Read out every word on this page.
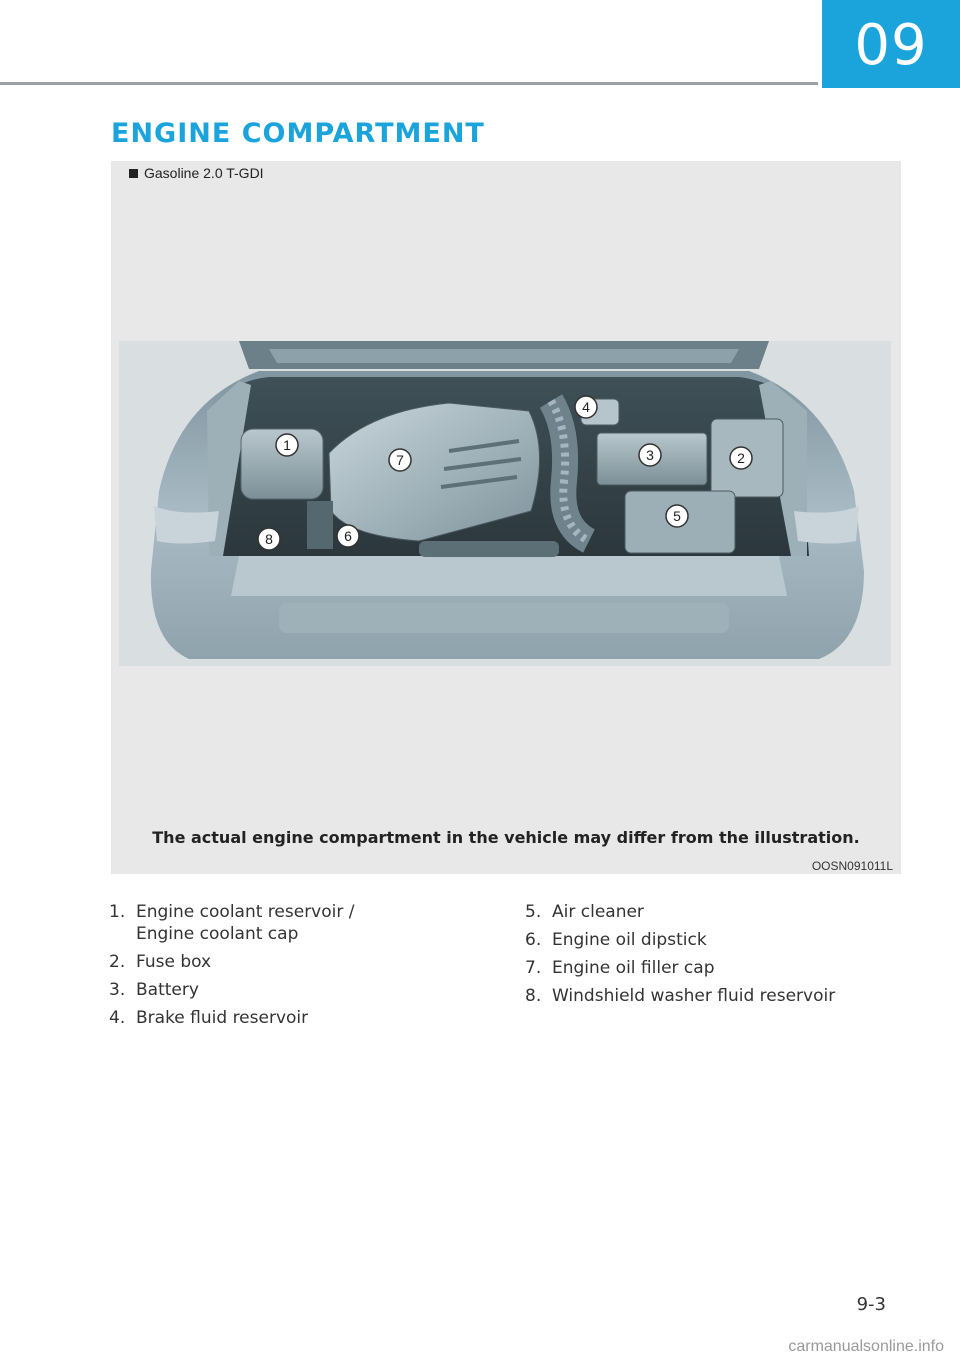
09
ENGINE COMPARTMENT
Gasoline 2.0 T-GDI
1
2
3
4
5
6
7
8
The actual engine compartment in the vehicle may differ from the illustration.
OOSN091011L
1. Engine coolant reservoir /
Engine coolant cap
2. Fuse box
3. Battery
4. Brake fluid reservoir
5. Air cleaner
6. Engine oil dipstick
7. Engine oil filler cap
8. Windshield washer fluid reservoir
9-3
carmanualsonline.info
